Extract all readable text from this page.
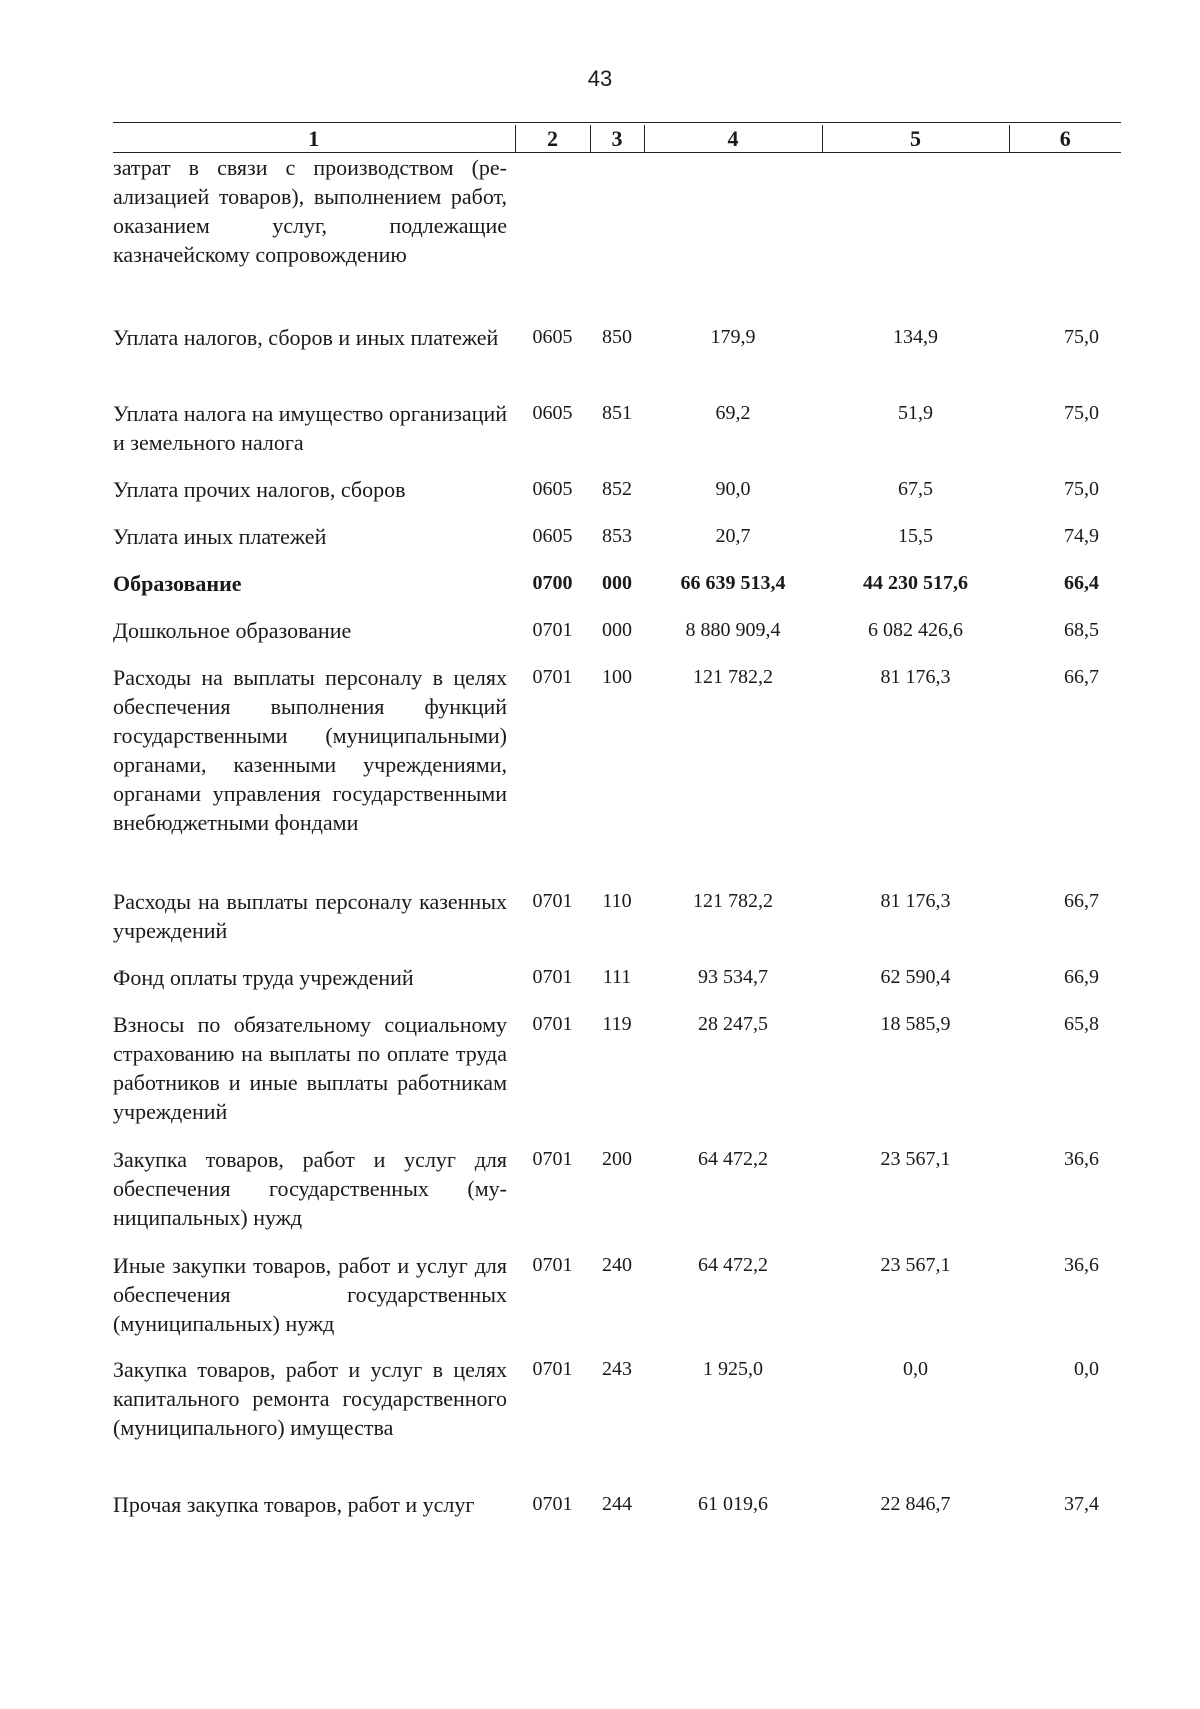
43
1	2	3	4	5	6
затрат в связи с производством (реализацией товаров), выполнением работ, оказанием услуг, подлежащие казначейскому сопровождению					
Уплата налогов, сборов и иных платежей	0605	850	179,9	134,9	75,0
Уплата налога на имущество организаций и земельного налога	0605	851	69,2	51,9	75,0
Уплата прочих налогов, сборов	0605	852	90,0	67,5	75,0
Уплата иных платежей	0605	853	20,7	15,5	74,9
Образование	0700	000	66 639 513,4	44 230 517,6	66,4
Дошкольное образование	0701	000	8 880 909,4	6 082 426,6	68,5
Расходы на выплаты персоналу в целях обеспечения выполнения функций государственными (муниципальными) органами, казенными учреждениями, органами управления государственными внебюджетными фондами	0701	100	121 782,2	81 176,3	66,7
Расходы на выплаты персоналу казенных учреждений	0701	110	121 782,2	81 176,3	66,7
Фонд оплаты труда учреждений	0701	111	93 534,7	62 590,4	66,9
Взносы по обязательному социальному страхованию на выплаты по оплате труда работников и иные выплаты работникам учреждений	0701	119	28 247,5	18 585,9	65,8
Закупка товаров, работ и услуг для обеспечения государственных (муниципальных) нужд	0701	200	64 472,2	23 567,1	36,6
Иные закупки товаров, работ и услуг для обеспечения государственных (муниципальных) нужд	0701	240	64 472,2	23 567,1	36,6
Закупка товаров, работ и услуг в целях капитального ремонта государственного (муниципального) имущества	0701	243	1 925,0	0,0	0,0
Прочая закупка товаров, работ и услуг	0701	244	61 019,6	22 846,7	37,4
